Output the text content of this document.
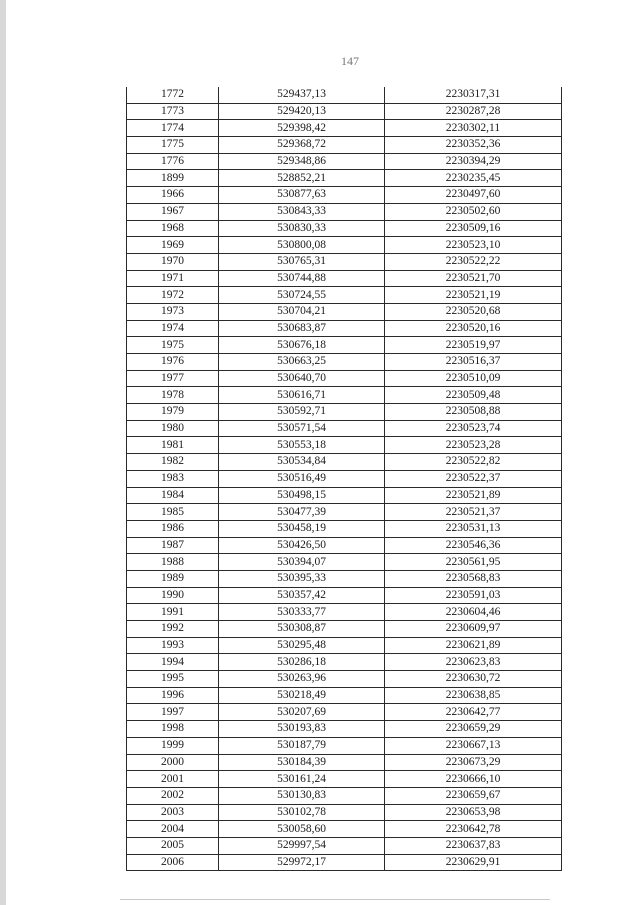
147
1772	529437,13	2230317,31
1773	529420,13	2230287,28
1774	529398,42	2230302,11
1775	529368,72	2230352,36
1776	529348,86	2230394,29
1899	528852,21	2230235,45
1966	530877,63	2230497,60
1967	530843,33	2230502,60
1968	530830,33	2230509,16
1969	530800,08	2230523,10
1970	530765,31	2230522,22
1971	530744,88	2230521,70
1972	530724,55	2230521,19
1973	530704,21	2230520,68
1974	530683,87	2230520,16
1975	530676,18	2230519,97
1976	530663,25	2230516,37
1977	530640,70	2230510,09
1978	530616,71	2230509,48
1979	530592,71	2230508,88
1980	530571,54	2230523,74
1981	530553,18	2230523,28
1982	530534,84	2230522,82
1983	530516,49	2230522,37
1984	530498,15	2230521,89
1985	530477,39	2230521,37
1986	530458,19	2230531,13
1987	530426,50	2230546,36
1988	530394,07	2230561,95
1989	530395,33	2230568,83
1990	530357,42	2230591,03
1991	530333,77	2230604,46
1992	530308,87	2230609,97
1993	530295,48	2230621,89
1994	530286,18	2230623,83
1995	530263,96	2230630,72
1996	530218,49	2230638,85
1997	530207,69	2230642,77
1998	530193,83	2230659,29
1999	530187,79	2230667,13
2000	530184,39	2230673,29
2001	530161,24	2230666,10
2002	530130,83	2230659,67
2003	530102,78	2230653,98
2004	530058,60	2230642,78
2005	529997,54	2230637,83
2006	529972,17	2230629,91
